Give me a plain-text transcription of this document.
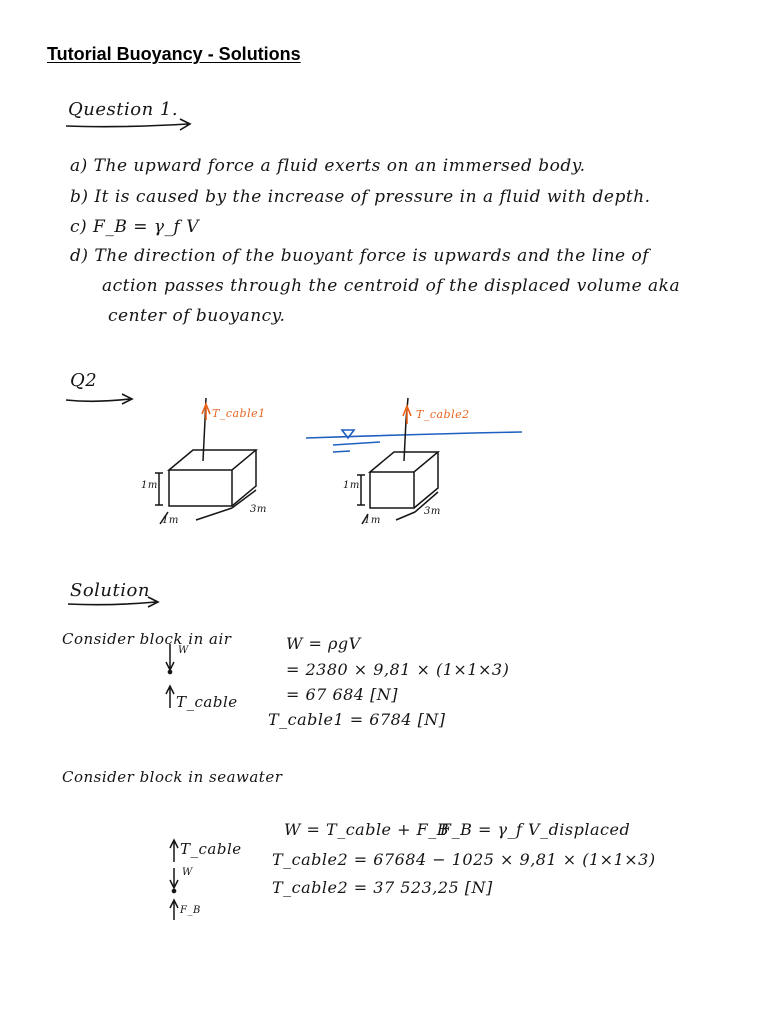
Tutorial Buoyancy - Solutions
Question 1.
a) The upward force a fluid exerts on an immersed body.
b) It is caused by the increase of pressure in a fluid with depth.
c) F_B = γ_f V
d) The direction of the buoyant force is upwards and the line of
action passes through the centroid of the displaced volume aka
center of buoyancy.
Q2
T_cable1
1m
1m
3m
T_cable2
1m
1m
3m
Solution
Consider block in air
W
T_cable
W = ρgV
= 2380 × 9,81 × (1×1×3)
= 67 684 [N]
T_cable1 = 6784 [N]
Consider block in seawater
T_cable
W
F_B
W = T_cable + F_B
F_B = γ_f V_displaced
T_cable2 = 67684 − 1025 × 9,81 × (1×1×3)
T_cable2 = 37 523,25 [N]
